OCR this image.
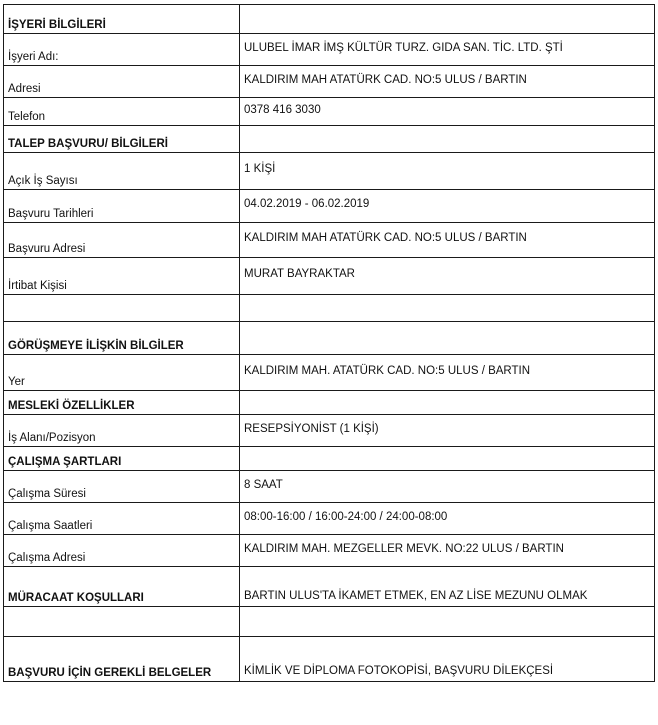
İŞYERİ BİLGİLERİ	
İşyeri Adı:	ULUBEL İMAR İMŞ KÜLTÜR TURZ. GIDA SAN. TİC. LTD. ŞTİ
Adresi	KALDIRIM MAH ATATÜRK CAD. NO:5 ULUS / BARTIN
Telefon	0378 416 3030
TALEP BAŞVURU/ BİLGİLERİ	
Açık İş Sayısı	1 KİŞİ
Başvuru Tarihleri	04.02.2019 - 06.02.2019
Başvuru Adresi	KALDIRIM MAH ATATÜRK CAD. NO:5 ULUS / BARTIN
İrtibat Kişisi	MURAT BAYRAKTAR

GÖRÜŞMEYE İLİŞKİN BİLGİLER	
Yer	KALDIRIM MAH. ATATÜRK CAD. NO:5 ULUS / BARTIN
MESLEKİ ÖZELLİKLER	
İş Alanı/Pozisyon	RESEPSİYONİST (1 KİŞİ)
ÇALIŞMA ŞARTLARI	
Çalışma Süresi	8 SAAT
Çalışma Saatleri	08:00-16:00 / 16:00-24:00 / 24:00-08:00
Çalışma Adresi	KALDIRIM MAH. MEZGELLER MEVK. NO:22 ULUS / BARTIN
MÜRACAAT KOŞULLARI	BARTIN ULUS'TA İKAMET ETMEK, EN AZ LİSE MEZUNU OLMAK

BAŞVURU İÇİN GEREKLİ BELGELER	KİMLİK VE DİPLOMA FOTOKOPİSİ, BAŞVURU DİLEKÇESİ
